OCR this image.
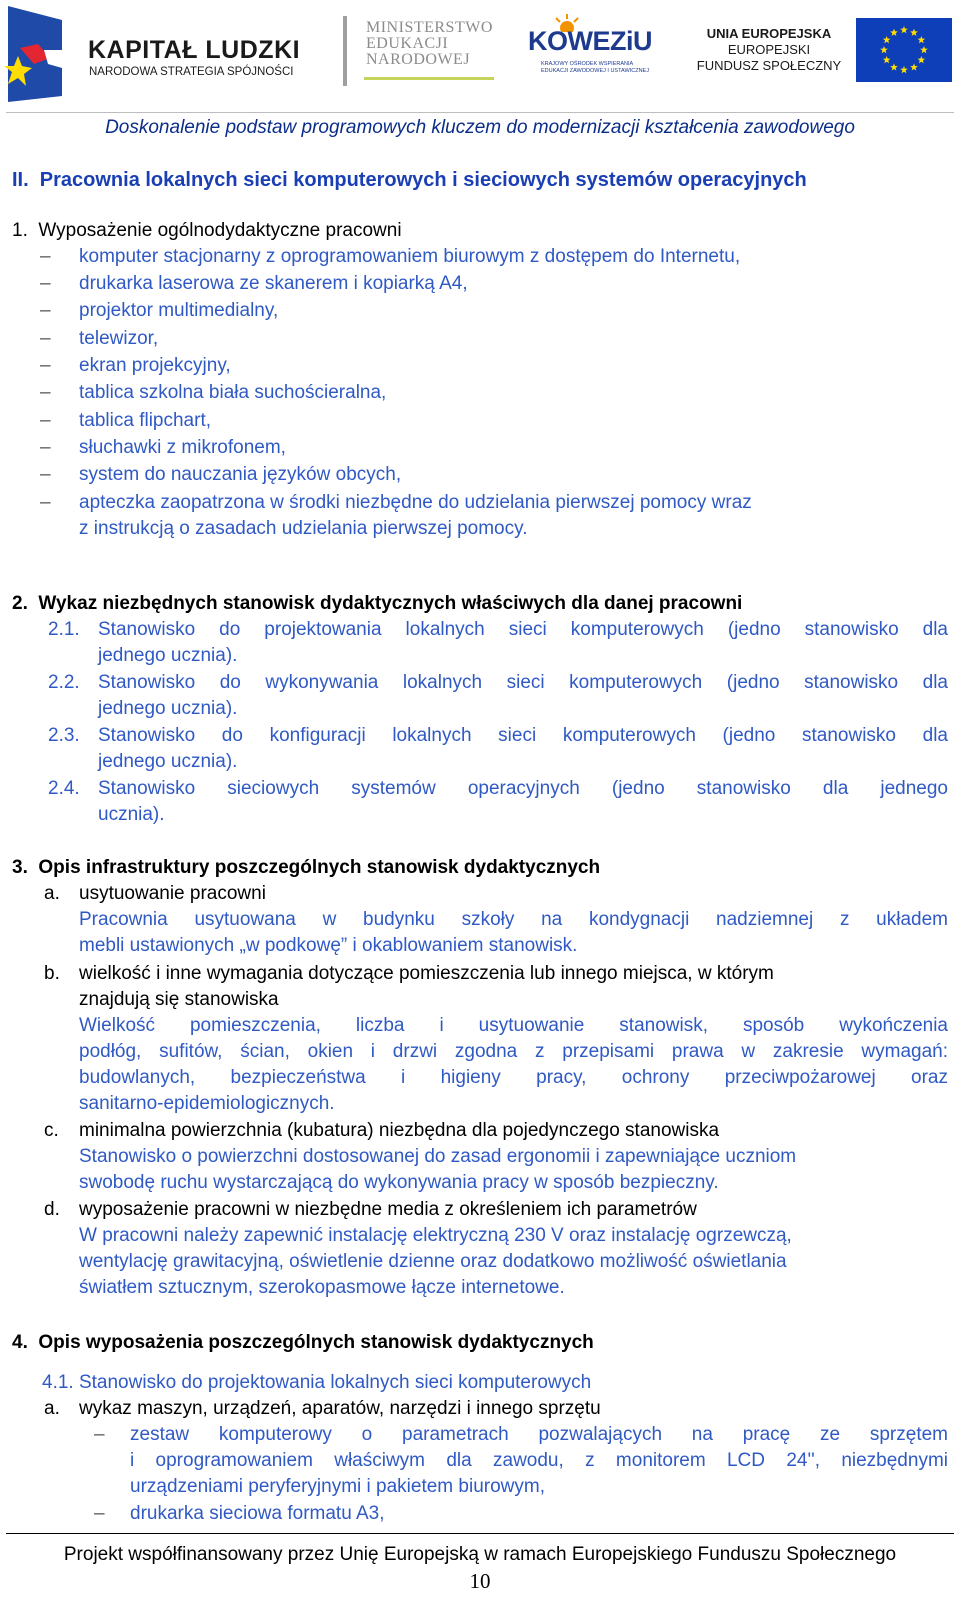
KAPITAŁ LUDZKI
NARODOWA STRATEGIA SPÓJNOŚCI
MINISTERSTWO
EDUKACJI
NARODOWEJ
KOWEZiU
KRAJOWY OŚRODEK WSPIERANIA EDUKACJI ZAWODOWEJ I USTAWICZNEJ
UNIA EUROPEJSKA
EUROPEJSKI
FUNDUSZ SPOŁECZNY
Doskonalenie podstaw programowych kluczem do modernizacji kształcenia zawodowego
II.  Pracownia lokalnych sieci komputerowych i sieciowych systemów operacyjnych
1.  Wyposażenie ogólnodydaktyczne pracowni
– komputer stacjonarny z oprogramowaniem biurowym z dostępem do Internetu,
– drukarka laserowa ze skanerem i kopiarką A4,
– projektor multimedialny,
– telewizor,
– ekran projekcyjny,
– tablica szkolna biała suchościeralna,
– tablica flipchart,
– słuchawki z mikrofonem,
– system do nauczania języków obcych,
– apteczka zaopatrzona w środki niezbędne do udzielania pierwszej pomocy wraz
z instrukcją o zasadach udzielania pierwszej pomocy.
2.  Wykaz niezbędnych stanowisk dydaktycznych właściwych dla danej pracowni
2.1. Stanowisko do projektowania lokalnych sieci komputerowych (jedno stanowisko dla
jednego ucznia).
2.2. Stanowisko do wykonywania lokalnych sieci komputerowych (jedno stanowisko dla
jednego ucznia).
2.3. Stanowisko do konfiguracji lokalnych sieci komputerowych (jedno stanowisko dla
jednego ucznia).
2.4. Stanowisko sieciowych systemów operacyjnych (jedno stanowisko dla jednego
ucznia).
3.  Opis infrastruktury poszczególnych stanowisk dydaktycznych
a. usytuowanie pracowni
Pracownia usytuowana w budynku szkoły na kondygnacji nadziemnej z układem
mebli ustawionych „w podkowę” i okablowaniem stanowisk.
b. wielkość i inne wymagania dotyczące pomieszczenia lub innego miejsca, w którym
znajdują się stanowiska
Wielkość pomieszczenia, liczba i usytuowanie stanowisk, sposób wykończenia
podłóg, sufitów, ścian, okien i drzwi zgodna z przepisami prawa w zakresie wymagań:
budowlanych, bezpieczeństwa i higieny pracy, ochrony przeciwpożarowej oraz
sanitarno-epidemiologicznych.
c. minimalna powierzchnia (kubatura) niezbędna dla pojedynczego stanowiska
Stanowisko o powierzchni dostosowanej do zasad ergonomii i zapewniające uczniom
swobodę ruchu wystarczającą do wykonywania pracy w sposób bezpieczny.
d. wyposażenie pracowni w niezbędne media z określeniem ich parametrów
W pracowni należy zapewnić instalację elektryczną 230 V oraz instalację ogrzewczą,
wentylację grawitacyjną, oświetlenie dzienne oraz dodatkowo możliwość oświetlania
światłem sztucznym, szerokopasmowe łącze internetowe.
4.  Opis wyposażenia poszczególnych stanowisk dydaktycznych
4.1. Stanowisko do projektowania lokalnych sieci komputerowych
a. wykaz maszyn, urządzeń, aparatów, narzędzi i innego sprzętu
– zestaw komputerowy o parametrach pozwalających na pracę ze sprzętem
i oprogramowaniem właściwym dla zawodu, z monitorem LCD 24'', niezbędnymi
urządzeniami peryferyjnymi i pakietem biurowym,
– drukarka sieciowa formatu A3,
Projekt współfinansowany przez Unię Europejską w ramach Europejskiego Funduszu Społecznego
10
